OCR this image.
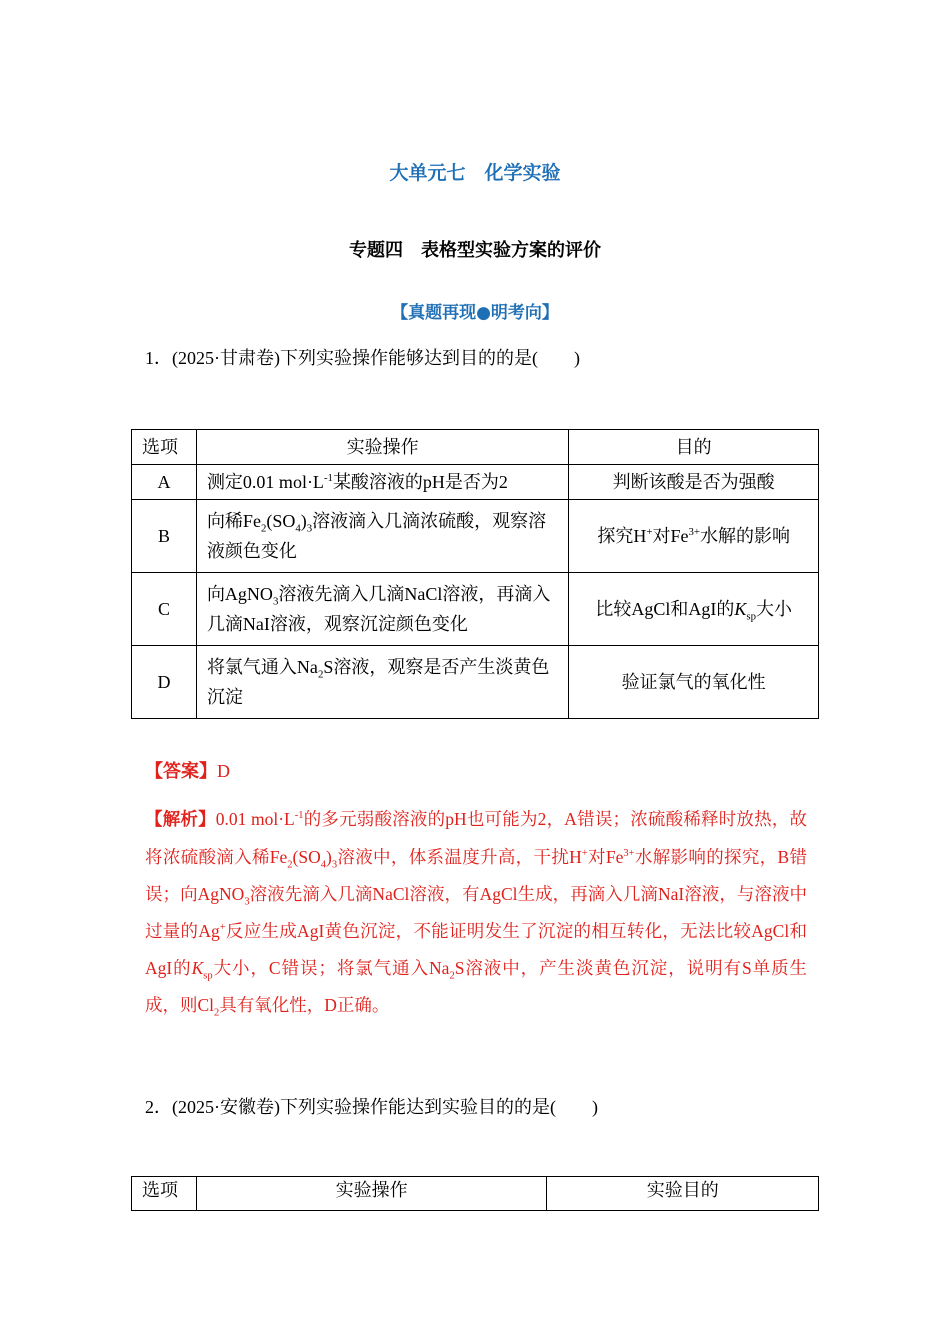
大单元七　化学实验
专题四　表格型实验方案的评价
【真题再现●明考向】
1．(2025·甘肃卷)下列实验操作能够达到目的的是(　　)
选项	实验操作	目的
A	测定0.01 $mol\cdot L^{-1}$某酸溶液的pH是否为2	判断该酸是否为强酸
B	向稀$Fe_2(SO_4)_3$溶液滴入几滴浓硫酸，观察溶液颜色变化	探究H+对$Fe^{3+}$水解的影响
C	向AgNO$_3$溶液先滴入几滴NaCl溶液，再滴入几滴NaI溶液，观察沉淀颜色变化	比较AgCl和AgI的$K_{sp}$大小
D	将氯气通入$Na_2S$溶液，观察是否产生淡黄色沉淀	验证氯气的氧化性
【答案】D
【解析】0.01 $mol\cdot L^{-1}$的多元弱酸溶液的pH也可能为2，A错误；浓硫酸稀释时放热，故将浓硫酸滴入稀$Fe_2(SO_4)_3$溶液中，体系温度升高，干扰H+对$Fe^{3+}$水解影响的探究，B错误；向AgNO$_3$溶液先滴入几滴NaCl溶液，有AgCl生成，再滴入几滴NaI溶液，与溶液中过量的Ag+反应生成AgI黄色沉淀，不能证明发生了沉淀的相互转化，无法比较AgCl和AgI的$K_{sp}$大小，C错误；将氯气通入$Na_2S$溶液中，产生淡黄色沉淀，说明有S单质生成，则$Cl_2$具有氧化性，D正确。
2．(2025·安徽卷)下列实验操作能达到实验目的的是(　　)
选项	实验操作	实验目的
